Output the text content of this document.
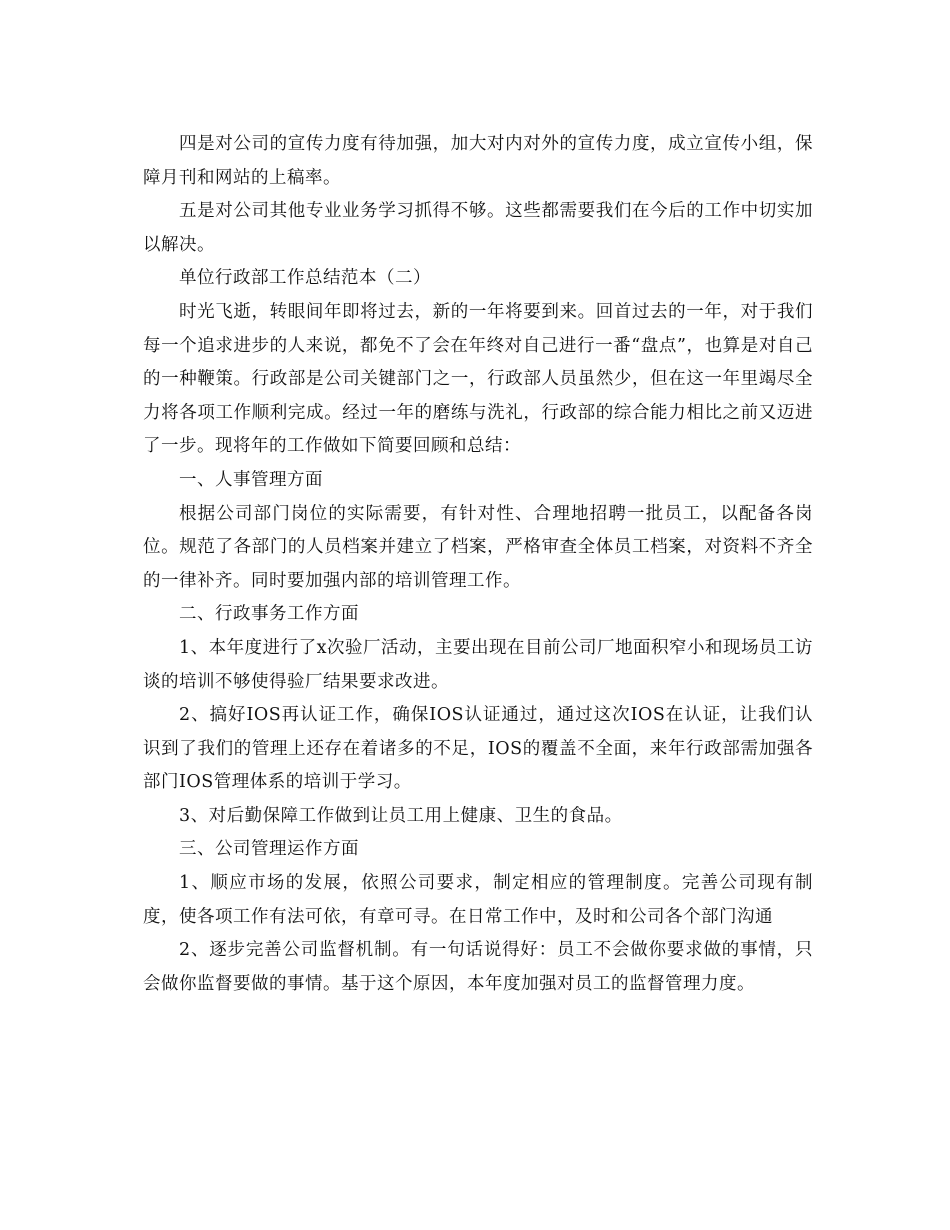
四是对公司的宣传力度有待加强，加大对内对外的宣传力度，成立宣传小组，保障月刊和网站的上稿率。

五是对公司其他专业业务学习抓得不够。这些都需要我们在今后的工作中切实加以解决。

单位行政部工作总结范本（二）

时光飞逝，转眼间年即将过去，新的一年将要到来。回首过去的一年，对于我们每一个追求进步的人来说，都免不了会在年终对自己进行一番“盘点”，也算是对自己的一种鞭策。行政部是公司关键部门之一，行政部人员虽然少，但在这一年里竭尽全力将各项工作顺利完成。经过一年的磨练与洗礼，行政部的综合能力相比之前又迈进了一步。现将年的工作做如下简要回顾和总结：

一、人事管理方面

根据公司部门岗位的实际需要，有针对性、合理地招聘一批员工，以配备各岗位。规范了各部门的人员档案并建立了档案，严格审查全体员工档案，对资料不齐全的一律补齐。同时要加强内部的培训管理工作。

二、行政事务工作方面

1、本年度进行了x次验厂活动，主要出现在目前公司厂地面积窄小和现场员工访谈的培训不够使得验厂结果要求改进。

2、搞好IOS再认证工作，确保IOS认证通过，通过这次IOS在认证，让我们认识到了我们的管理上还存在着诸多的不足，IOS的覆盖不全面，来年行政部需加强各部门IOS管理体系的培训于学习。

3、对后勤保障工作做到让员工用上健康、卫生的食品。

三、公司管理运作方面

1、顺应市场的发展，依照公司要求，制定相应的管理制度。完善公司现有制度，使各项工作有法可依，有章可寻。在日常工作中，及时和公司各个部门沟通

2、逐步完善公司监督机制。有一句话说得好：员工不会做你要求做的事情，只会做你监督要做的事情。基于这个原因，本年度加强对员工的监督管理力度。
